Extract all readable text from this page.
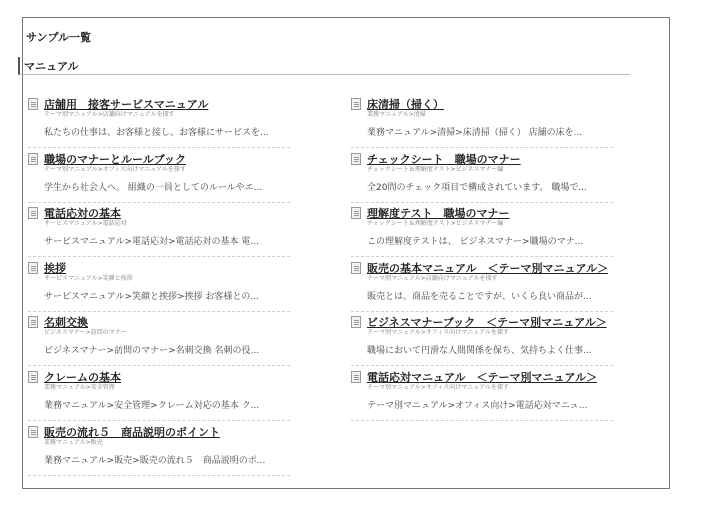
サンプル一覧
マニュアル
店舗用　接客サービスマニュアル
テーマ別マニュアル>店舗向けマニュアルを探す
私たちの仕事は、お客様と接し、お客様にサービスを...
職場のマナーとルールブック
テーマ別マニュアル>オフィス向けマニュアルを探す
学生から社会人へ。 組織の一員としてのルールやエ...
電話応対の基本
サービスマニュアル>電話応対
サービスマニュアル>電話応対>電話応対の基本 電...
挨拶
サービスマニュアル>笑顔と挨拶
サービスマニュアル>笑顔と挨拶>挨拶 お客様との...
名刺交換
ビジネスマナー>訪問のマナー
ビジネスマナー>訪問のマナー>名刺交換 名刺の役...
クレームの基本
業務マニュアル>安全管理
業務マニュアル>安全管理>クレーム対応の基本 ク...
販売の流れ５　商品説明のポイント
業務マニュアル>販売
業務マニュアル>販売>販売の流れ５　商品説明のポ...
床清掃（掃く）
業務マニュアル>清掃
業務マニュアル>清掃>床清掃（掃く） 店舗の床を...
チェックシート　職場のマナー
チェックシート＆理解度テスト>ビジネスマナー編
全20問のチェック項目で構成されています。 職場で...
理解度テスト　職場のマナー
チェックシート＆理解度テスト>ビジネスマナー編
この理解度テストは、 ビジネスマナー>職場のマナ...
販売の基本マニュアル　＜テーマ別マニュアル＞
テーマ別マニュアル>店舗向けマニュアルを探す
販売とは、商品を売ることですが、いくら良い商品が...
ビジネスマナーブック　＜テーマ別マニュアル＞
テーマ別マニュアル>オフィス向けマニュアルを探す
職場において円滑な人間関係を保ち、気持ちよく仕事...
電話応対マニュアル　＜テーマ別マニュアル＞
テーマ別マニュアル>オフィス向けマニュアルを探す
テーマ別マニュアル>オフィス向け>電話応対マニュ...
